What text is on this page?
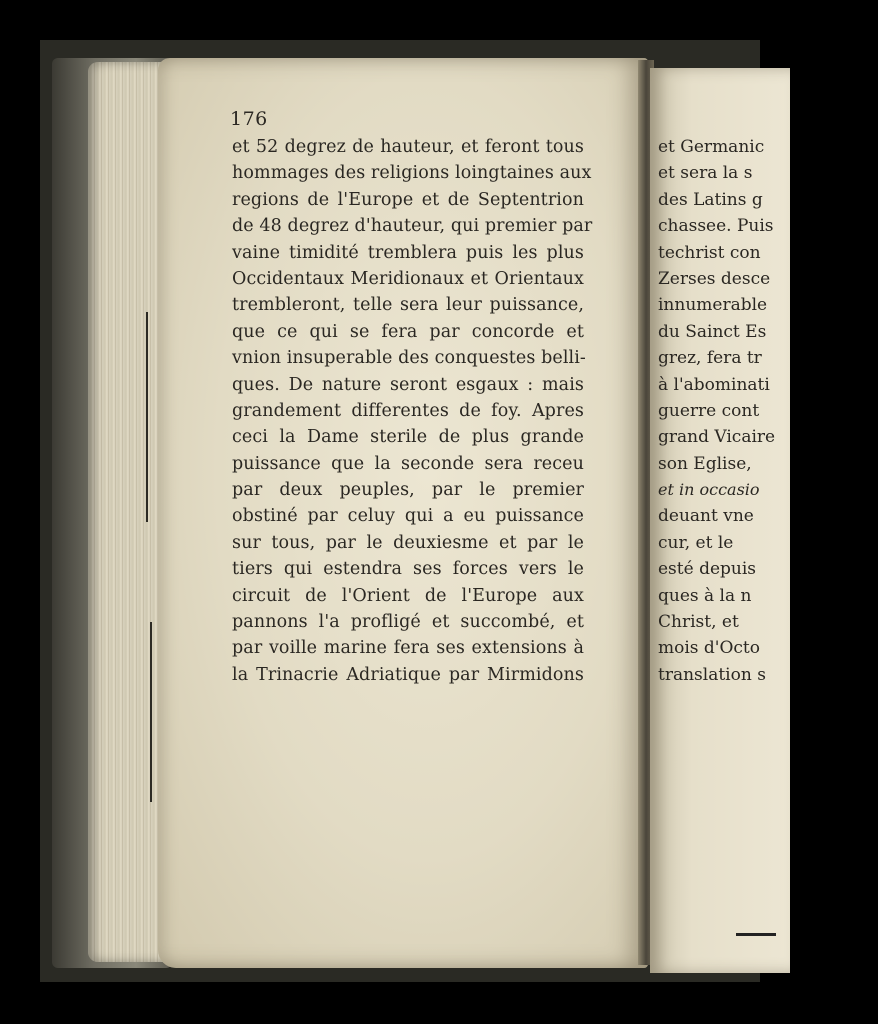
176
et 52 degrez de hauteur, et feront tous
hommages des religions loingtaines aux
regions de l'Europe et de Septentrion
de 48 degrez d'hauteur, qui premier par
vaine timidité tremblera puis les plus
Occidentaux Meridionaux et Orientaux
trembleront, telle sera leur puissance,
que ce qui se fera par concorde et
vnion insuperable des conquestes belli-
ques. De nature seront esgaux : mais
grandement differentes de foy. Apres
ceci la Dame sterile de plus grande
puissance que la seconde sera receu
par deux peuples, par le premier
obstiné par celuy qui a eu puissance
sur tous, par le deuxiesme et par le
tiers qui estendra ses forces vers le
circuit de l'Orient de l'Europe aux
pannons l'a profligé et succombé, et
par voille marine fera ses extensions à
la Trinacrie Adriatique par Mirmidons
et Germanic
et sera la s
des Latins g
chassee. Puis
techrist con
Zerses desce
innumerable
du Sainct Es
grez, fera tr
à l'abominati
guerre cont
grand Vicaire
son Eglise,
et in occasio
deuant vne
cur, et le
esté depuis
ques à la n
Christ, et
mois d'Octo
translation s
